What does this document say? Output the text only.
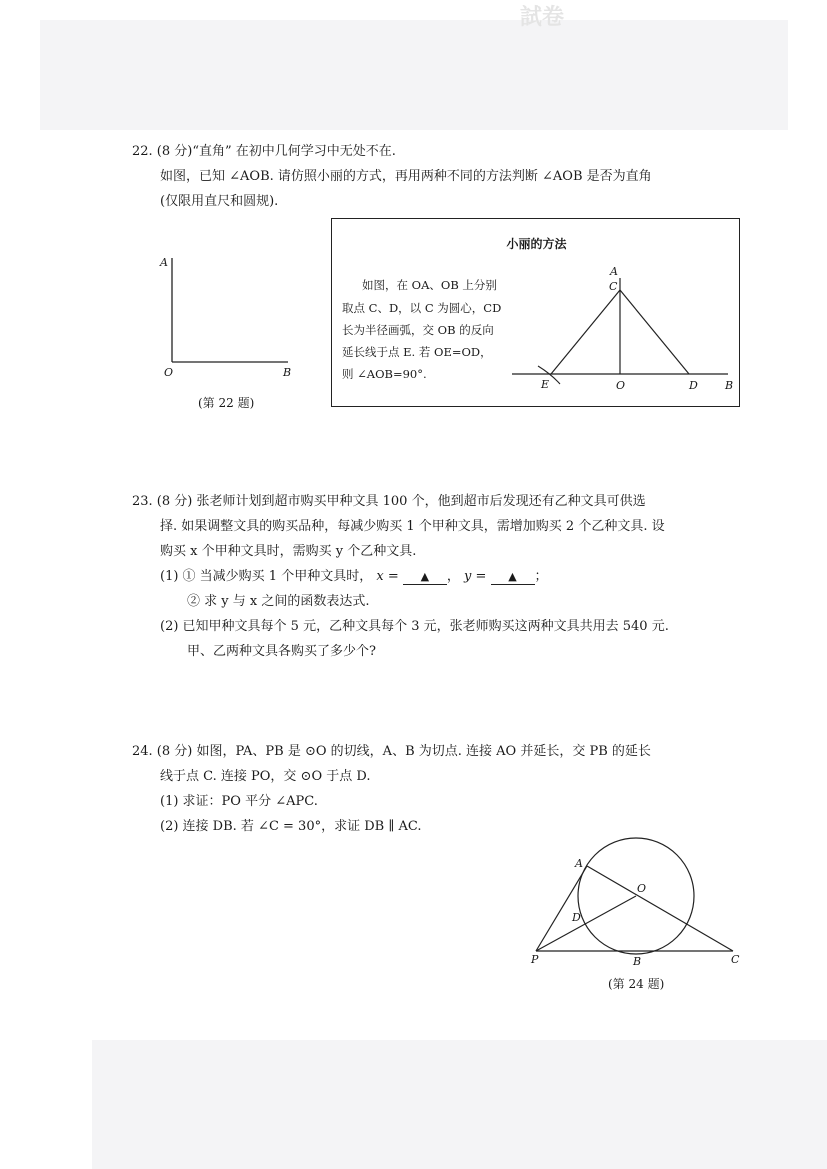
試卷
22. (8 分)“直角” 在初中几何学习中无处不在.
如图，已知 ∠AOB. 请仿照小丽的方式，再用两种不同的方法判断 ∠AOB 是否为直角
(仅限用直尺和圆规).
A
O	B
(第 22 题)
小丽的方法
如图，在 OA、OB 上分别
取点 C、D，以 C 为圆心，CD
长为半径画弧，交 OB 的反向
延长线于点 E. 若 OE=OD，
则 ∠AOB=90°.
A
C
E	O	D B
23. (8 分) 张老师计划到超市购买甲种文具 100 个，他到超市后发现还有乙种文具可供选
择. 如果调整文具的购买品种，每减少购买 1 个甲种文具，需增加购买 2 个乙种文具. 设
购买 x 个甲种文具时，需购买 y 个乙种文具.
(1) ① 当减少购买 1 个甲种文具时， x = ▲ ， y = ▲ ；
② 求 y 与 x 之间的函数表达式.
(2) 已知甲种文具每个 5 元，乙种文具每个 3 元，张老师购买这两种文具共用去 540 元.
甲、乙两种文具各购买了多少个?
24. (8 分) 如图，PA、PB 是 ⊙O 的切线，A、B 为切点. 连接 AO 并延长，交 PB 的延长
线于点 C. 连接 PO，交 ⊙O 于点 D.
(1) 求证：PO 平分 ∠APC.
(2) 连接 DB. 若 ∠C = 30°，求证 DB ∥ AC.
A
O
D
P	B	C
(第 24 题)
